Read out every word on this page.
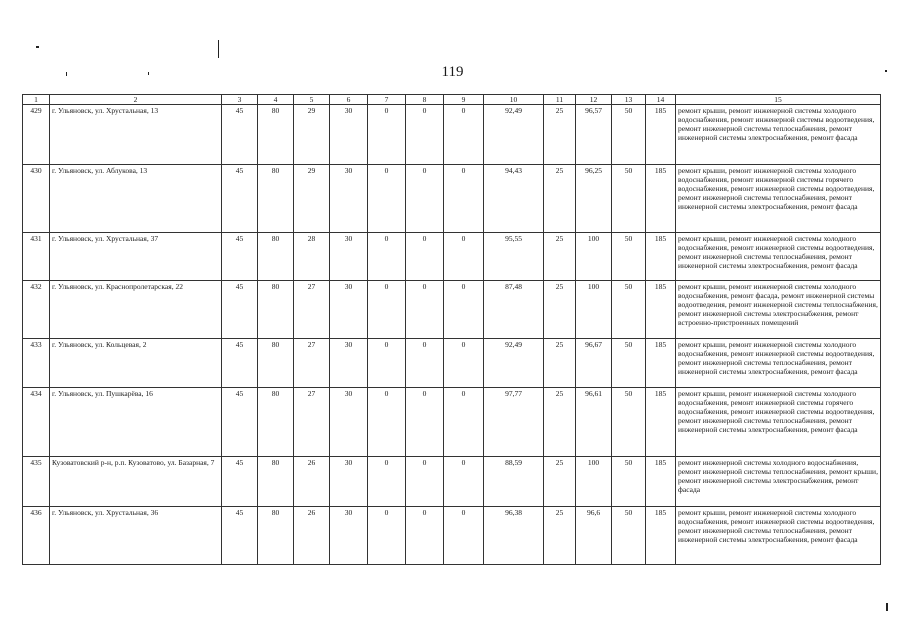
119
1	2	3	4	5	6	7	8	9	10	11	12	13	14	15
429	г. Ульяновск, ул. Хрустальная, 13	45	80	29	30	0	0	0	92,49	25	96,57	50	185	ремонт крыши, ремонт инженерной системы холодного водоснабжения, ремонт инженерной системы водоотведения, ремонт инженерной системы теплоснабжения, ремонт инженерной системы электроснабжения, ремонт фасада
430	г. Ульяновск, ул. Аблукова, 13	45	80	29	30	0	0	0	94,43	25	96,25	50	185	ремонт крыши, ремонт инженерной системы холодного водоснабжения, ремонт инженерной системы горячего водоснабжения, ремонт инженерной системы водоотведения, ремонт инженерной системы теплоснабжения, ремонт инженерной системы электроснабжения, ремонт фасада
431	г. Ульяновск, ул. Хрустальная, 37	45	80	28	30	0	0	0	95,55	25	100	50	185	ремонт крыши, ремонт инженерной системы холодного водоснабжения, ремонт инженерной системы водоотведения, ремонт инженерной системы теплоснабжения, ремонт инженерной системы электроснабжения, ремонт фасада
432	г. Ульяновск, ул. Краснопролетарская, 22	45	80	27	30	0	0	0	87,48	25	100	50	185	ремонт крыши, ремонт инженерной системы холодного водоснабжения, ремонт фасада, ремонт инженерной системы водоотведения, ремонт инженерной системы теплоснабжения, ремонт инженерной системы электроснабжения, ремонт встроенно-пристроенных помещений
433	г. Ульяновск, ул. Кольцевая, 2	45	80	27	30	0	0	0	92,49	25	96,67	50	185	ремонт крыши, ремонт инженерной системы холодного водоснабжения, ремонт инженерной системы водоотведения, ремонт инженерной системы теплоснабжения, ремонт инженерной системы электроснабжения, ремонт фасада
434	г. Ульяновск, ул. Пушкарёва, 16	45	80	27	30	0	0	0	97,77	25	96,61	50	185	ремонт крыши, ремонт инженерной системы холодного водоснабжения, ремонт инженерной системы горячего водоснабжения, ремонт инженерной системы водоотведения, ремонт инженерной системы теплоснабжения, ремонт инженерной системы электроснабжения, ремонт фасада
435	Кузоватовский р-н, р.п. Кузоватово, ул. Базарная, 7	45	80	26	30	0	0	0	88,59	25	100	50	185	ремонт инженерной системы холодного водоснабжения, ремонт инженерной системы теплоснабжения, ремонт крыши, ремонт инженерной системы электроснабжения, ремонт фасада
436	г. Ульяновск, ул. Хрустальная, 36	45	80	26	30	0	0	0	96,38	25	96,6	50	185	ремонт крыши, ремонт инженерной системы холодного водоснабжения, ремонт инженерной системы водоотведения, ремонт инженерной системы теплоснабжения, ремонт инженерной системы электроснабжения, ремонт фасада
